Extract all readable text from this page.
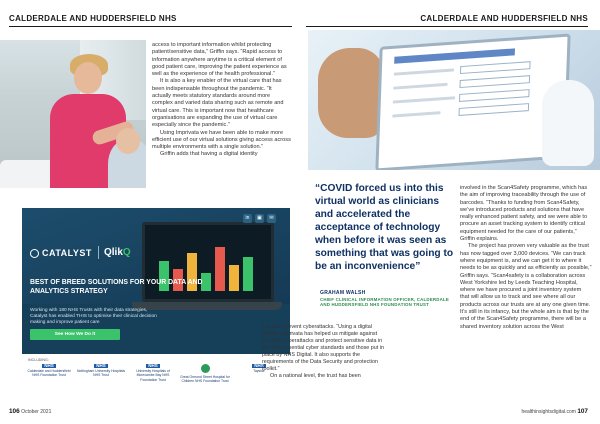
CALDERDALE AND HUDDERSFIELD NHS

access to important information whilst protecting patient/sensitive data,” Griffin says. “Rapid access to information anywhere anytime is a critical element of good patient care, improving the patient experience as well as the experience of the health professional.”

It is also a key enabler of the virtual care that has been indispensable throughout the pandemic. “It actually meets statutory standards around more complex and varied data sharing such as remote and virtual care. This is important now that healthcare organisations are expanding the use of virtual care especially since the pandemic.”

Using Imprivata we have been able to make more efficient use of our virtual solutions giving access across multiple environments with a single solution.”

Griffin adds that having a digital identity

in	▣	✉
CATALYST QlikQ
BEST OF BREED SOLUTIONS FOR YOUR DATA AND ANALYTICS STRATEGY
Working with 180 NHS Trusts with their data strategies, Catalyst has enabled THIS to optimise their clinical decision making and improve patient care
See How We Do It
INCLUDING:
NHS
Calderdale and Huddersfield NHS Foundation Trust
NHS
Nottingham University Hospitals NHS Trust
NHS
University Hospitals of Morecambe Bay NHS Foundation Trust

Great Ormond Street Hospital for Children NHS Foundation Trust
NHS
Tayside
106 October 2021
CALDERDALE AND HUDDERSFIELD NHS
“COVID forced us into this virtual world as clinicians and accelerated the acceptance of technology when before it was seen as something that was going to be an inconvenience”
GRAHAM WALSH
CHIEF CLINICAL INFORMATION OFFICER, CALDERDALE AND HUDDERSFIELD NHS FOUNDATION TRUST

involved in the Scan4Safety programme, which has the aim of improving traceability through the use of barcodes. “Thanks to funding from Scan4Safety, we’ve introduced products and solutions that have really enhanced patient safety, and we were able to procure an asset tracking system to identify critical equipment needed for the care of our patients,” Griffin explains.

The project has proven very valuable as the trust has now tagged over 3,000 devices. “We can track where equipment is, and we can get it to where it needs to be as quickly and as efficiently as possible,” Griffin says. “Scan4safety is a collaboration across West Yorkshire led by Leeds Teaching Hospital, where we have procured a joint inventory system that will allow us to track and see where all our products across our trusts are at any one given time. It’s still in its infancy, but the whole aim is that by the end of the Scan4Safety programme, there will be a shared inventory solution across the West

healthinsightsdigital.com 107

can also prevent cyberattacks. “Using a digital identity Imprivata has helped us mitigate against possible cyberattacks and protect sensitive data in line with essential cyber standards and those put in place by NHS Digital. It also supports the requirements of the Data Security and protection toolkit.”

On a national level, the trust has been
